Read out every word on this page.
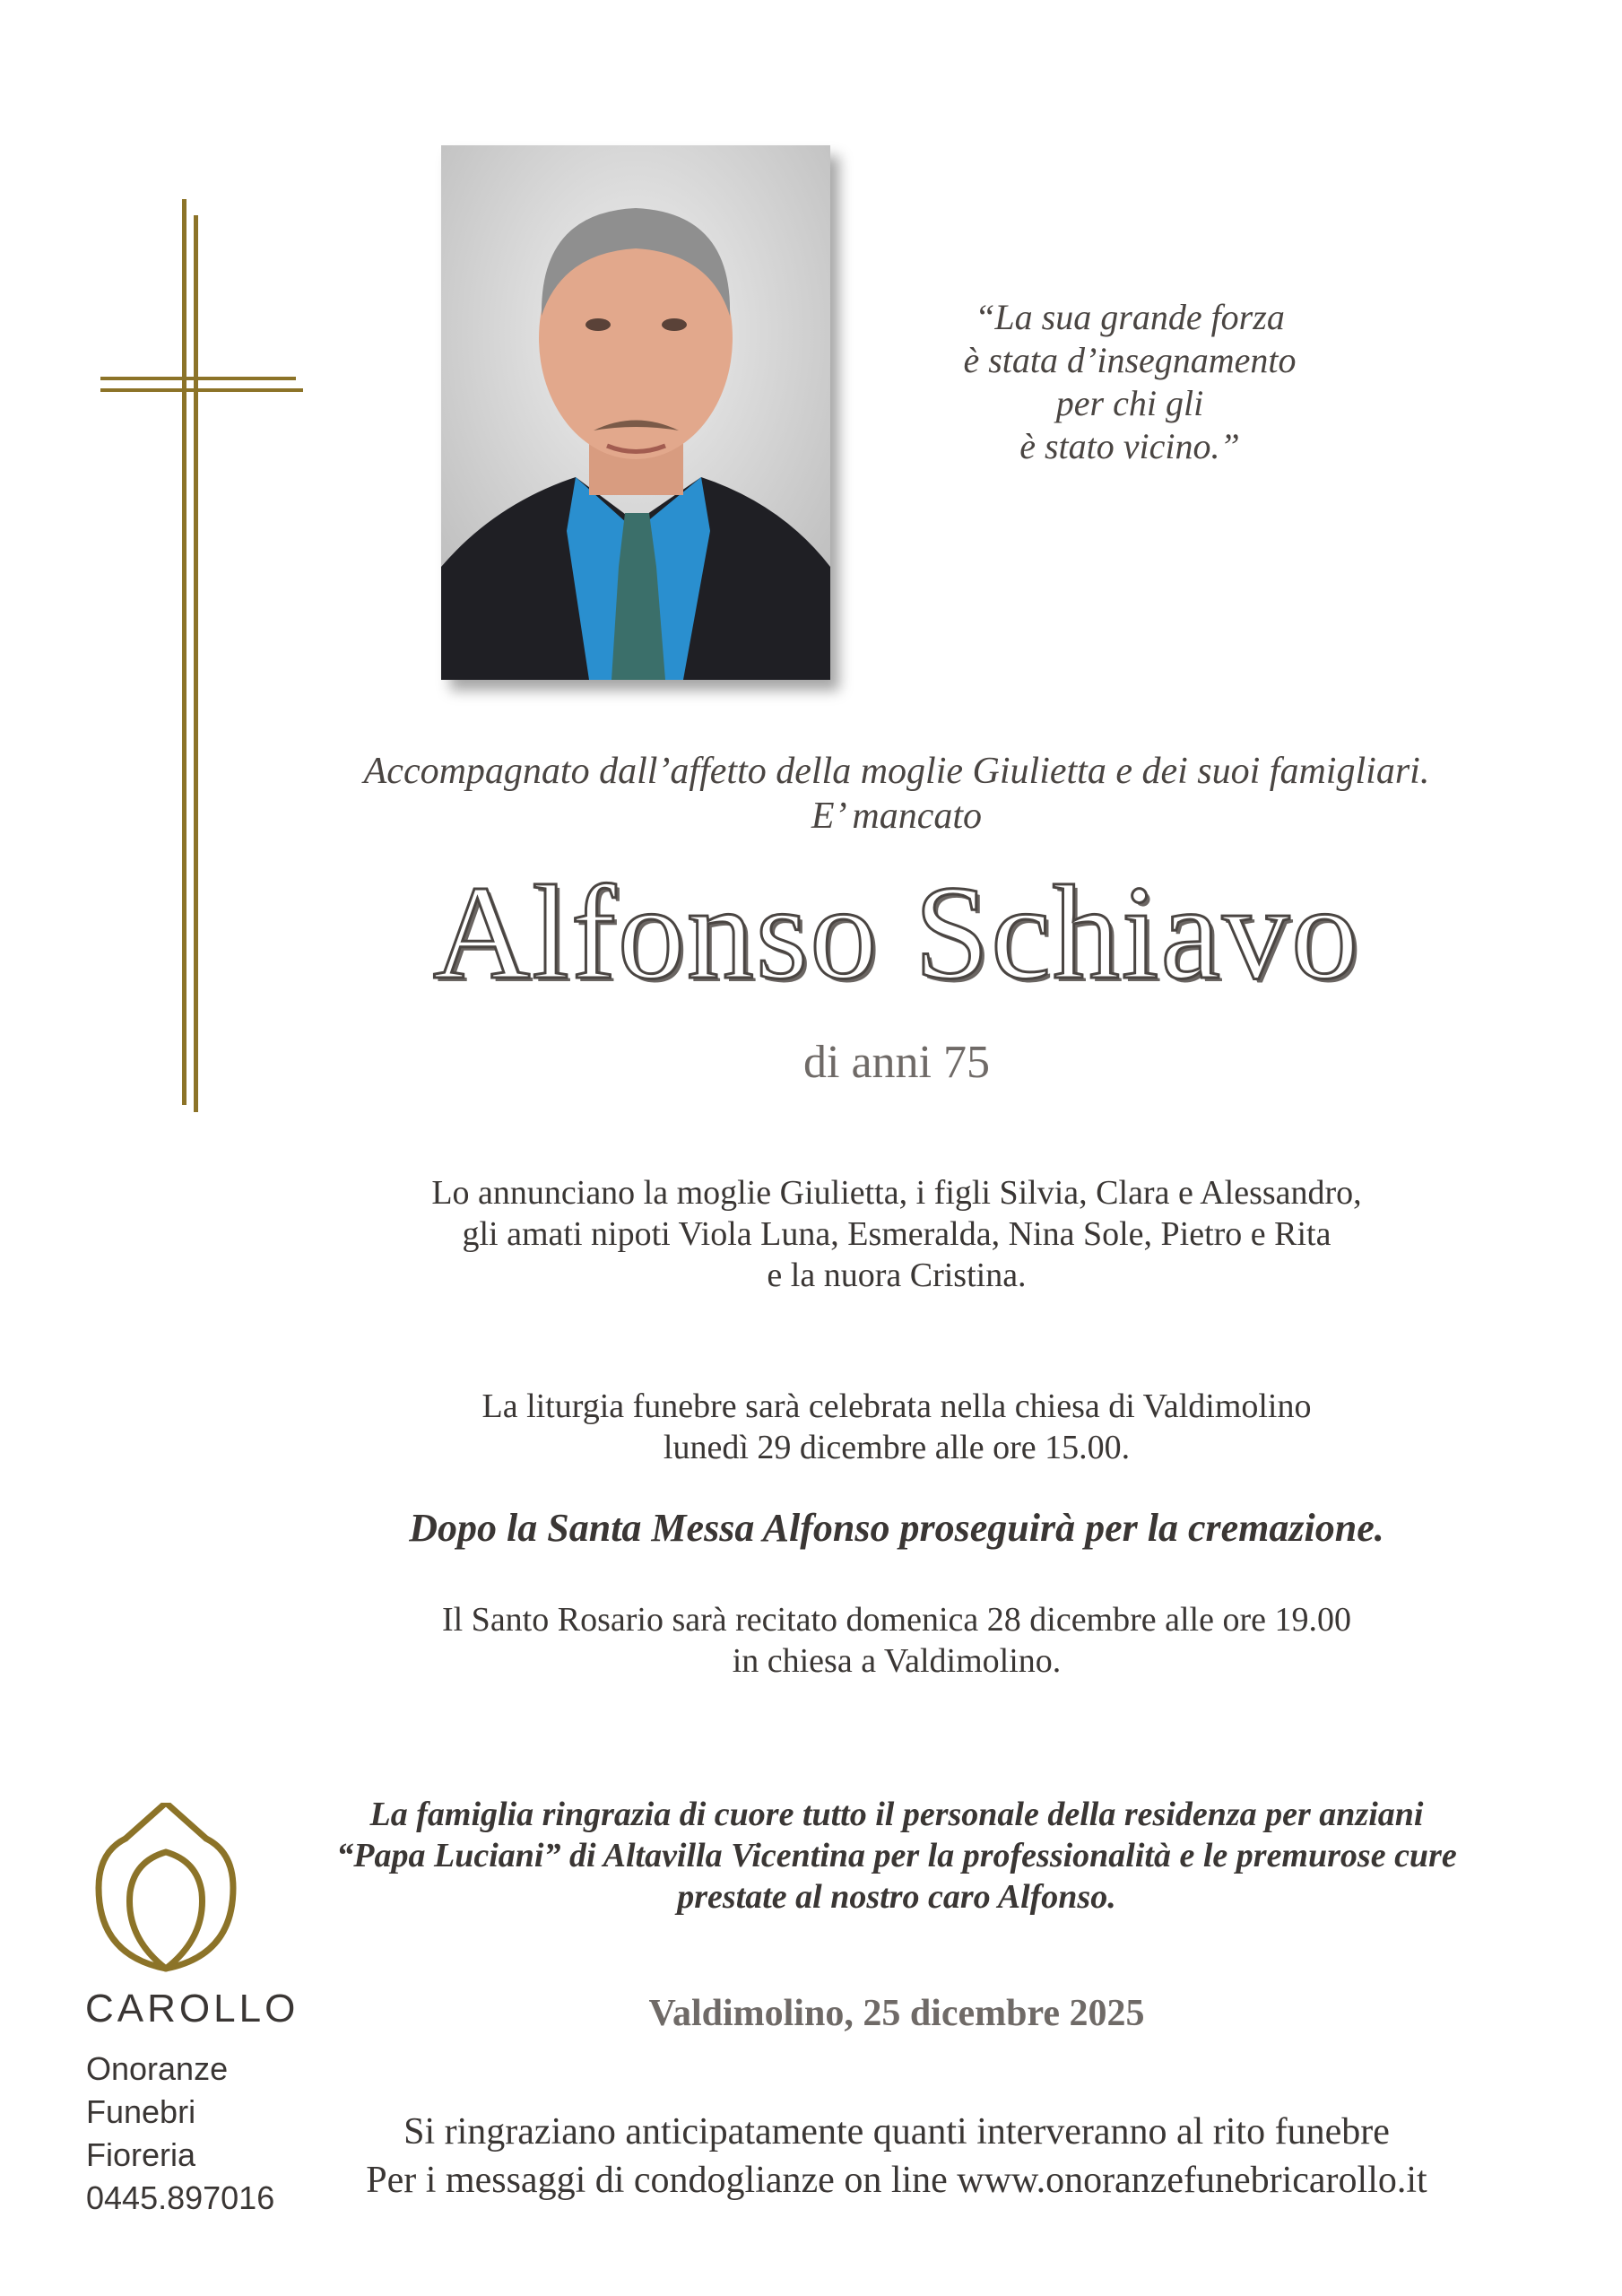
“La sua grande forza
è stata d’insegnamento
per chi gli
è stato vicino.”
Accompagnato dall’affetto della moglie Giulietta e dei suoi famigliari.
E’ mancato
Alfonso Schiavo
di anni 75
Lo annunciano la moglie Giulietta, i figli Silvia, Clara e Alessandro,
gli amati nipoti Viola Luna, Esmeralda, Nina Sole, Pietro e Rita
e la nuora Cristina.
La liturgia funebre sarà celebrata nella chiesa di Valdimolino
lunedì 29 dicembre alle ore 15.00.
Dopo la Santa Messa Alfonso proseguirà per la cremazione.
Il Santo Rosario sarà recitato domenica 28 dicembre alle ore 19.00
in chiesa a Valdimolino.
La famiglia ringrazia di cuore tutto il personale della residenza per anziani
“Papa Luciani” di Altavilla Vicentina per la professionalità e le premurose cure
prestate al nostro caro Alfonso.
Valdimolino, 25 dicembre 2025
Si ringraziano anticipatamente quanti interveranno al rito funebre
Per i messaggi di condoglianze on line www.onoranzefunebricarollo.it
CAROLLO
Onoranze
Funebri
Fioreria
0445.897016
